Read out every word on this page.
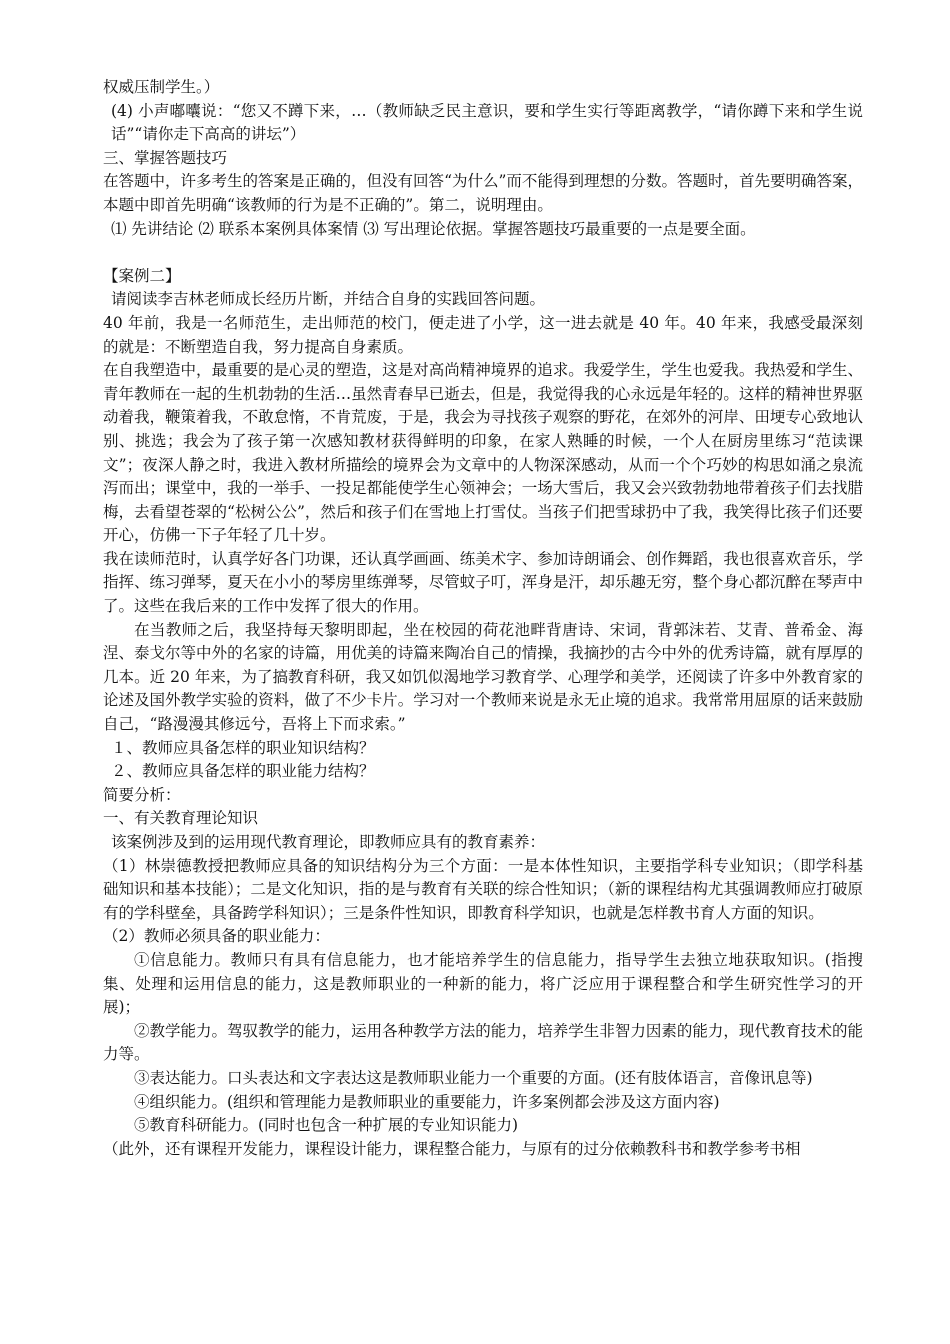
权威压制学生。）

(4) 小声嘟囔说：“您又不蹲下来，…（教师缺乏民主意识，要和学生实行等距离教学，“请你蹲下来和学生说话”“请你走下高高的讲坛”）

三、掌握答题技巧

在答题中，许多考生的答案是正确的，但没有回答“为什么”而不能得到理想的分数。答题时，首先要明确答案，本题中即首先明确“该教师的行为是不正确的”。第二，说明理由。

⑴ 先讲结论 ⑵ 联系本案例具体案情 ⑶ 写出理论依据。掌握答题技巧最重要的一点是要全面。

【案例二】

请阅读李吉林老师成长经历片断，并结合自身的实践回答问题。

40 年前，我是一名师范生，走出师范的校门，便走进了小学，这一进去就是 40 年。40 年来，我感受最深刻的就是：不断塑造自我，努力提高自身素质。

在自我塑造中，最重要的是心灵的塑造，这是对高尚精神境界的追求。我爱学生，学生也爱我。我热爱和学生、青年教师在一起的生机勃勃的生活…虽然青春早已逝去，但是，我觉得我的心永远是年轻的。这样的精神世界驱动着我，鞭策着我，不敢怠惰，不肯荒废，于是，我会为寻找孩子观察的野花，在郊外的河岸、田埂专心致地认别、挑选；我会为了孩子第一次感知教材获得鲜明的印象，在家人熟睡的时候，一个人在厨房里练习“范读课文”；夜深人静之时，我进入教材所描绘的境界会为文章中的人物深深感动，从而一个个巧妙的构思如涌之泉流泻而出；课堂中，我的一举手、一投足都能使学生心领神会；一场大雪后，我又会兴致勃勃地带着孩子们去找腊梅，去看望苍翠的“松树公公”，然后和孩子们在雪地上打雪仗。当孩子们把雪球扔中了我，我笑得比孩子们还要开心，仿佛一下子年轻了几十岁。

我在读师范时，认真学好各门功课，还认真学画画、练美术字、参加诗朗诵会、创作舞蹈，我也很喜欢音乐，学指挥、练习弹琴，夏天在小小的琴房里练弹琴，尽管蚊子叮，浑身是汗，却乐趣无穷，整个身心都沉醉在琴声中了。这些在我后来的工作中发挥了很大的作用。

在当教师之后，我坚持每天黎明即起，坐在校园的荷花池畔背唐诗、宋词，背郭沫若、艾青、普希金、海涅、泰戈尔等中外的名家的诗篇，用优美的诗篇来陶冶自己的情操，我摘抄的古今中外的优秀诗篇，就有厚厚的几本。近 20 年来，为了搞教育科研，我又如饥似渴地学习教育学、心理学和美学，还阅读了许多中外教育家的论述及国外教学实验的资料，做了不少卡片。学习对一个教师来说是永无止境的追求。我常常用屈原的话来鼓励自己，“路漫漫其修远兮，吾将上下而求索。”

１、教师应具备怎样的职业知识结构？

２、教师应具备怎样的职业能力结构？

简要分析：

一、有关教育理论知识

该案例涉及到的运用现代教育理论，即教师应具有的教育素养：

（1）林崇德教授把教师应具备的知识结构分为三个方面：一是本体性知识，主要指学科专业知识；（即学科基础知识和基本技能）；二是文化知识，指的是与教育有关联的综合性知识；（新的课程结构尤其强调教师应打破原有的学科壁垒，具备跨学科知识）；三是条件性知识，即教育科学知识，也就是怎样教书育人方面的知识。

（2）教师必须具备的职业能力：

①信息能力。教师只有具有信息能力，也才能培养学生的信息能力，指导学生去独立地获取知识。(指搜集、处理和运用信息的能力，这是教师职业的一种新的能力，将广泛应用于课程整合和学生研究性学习的开展)；

②教学能力。驾驭教学的能力，运用各种教学方法的能力，培养学生非智力因素的能力，现代教育技术的能力等。

③表达能力。口头表达和文字表达这是教师职业能力一个重要的方面。(还有肢体语言，音像讯息等)

④组织能力。(组织和管理能力是教师职业的重要能力，许多案例都会涉及这方面内容)

⑤教育科研能力。(同时也包含一种扩展的专业知识能力)

（此外，还有课程开发能力，课程设计能力，课程整合能力，与原有的过分依赖教科书和教学参考书相
